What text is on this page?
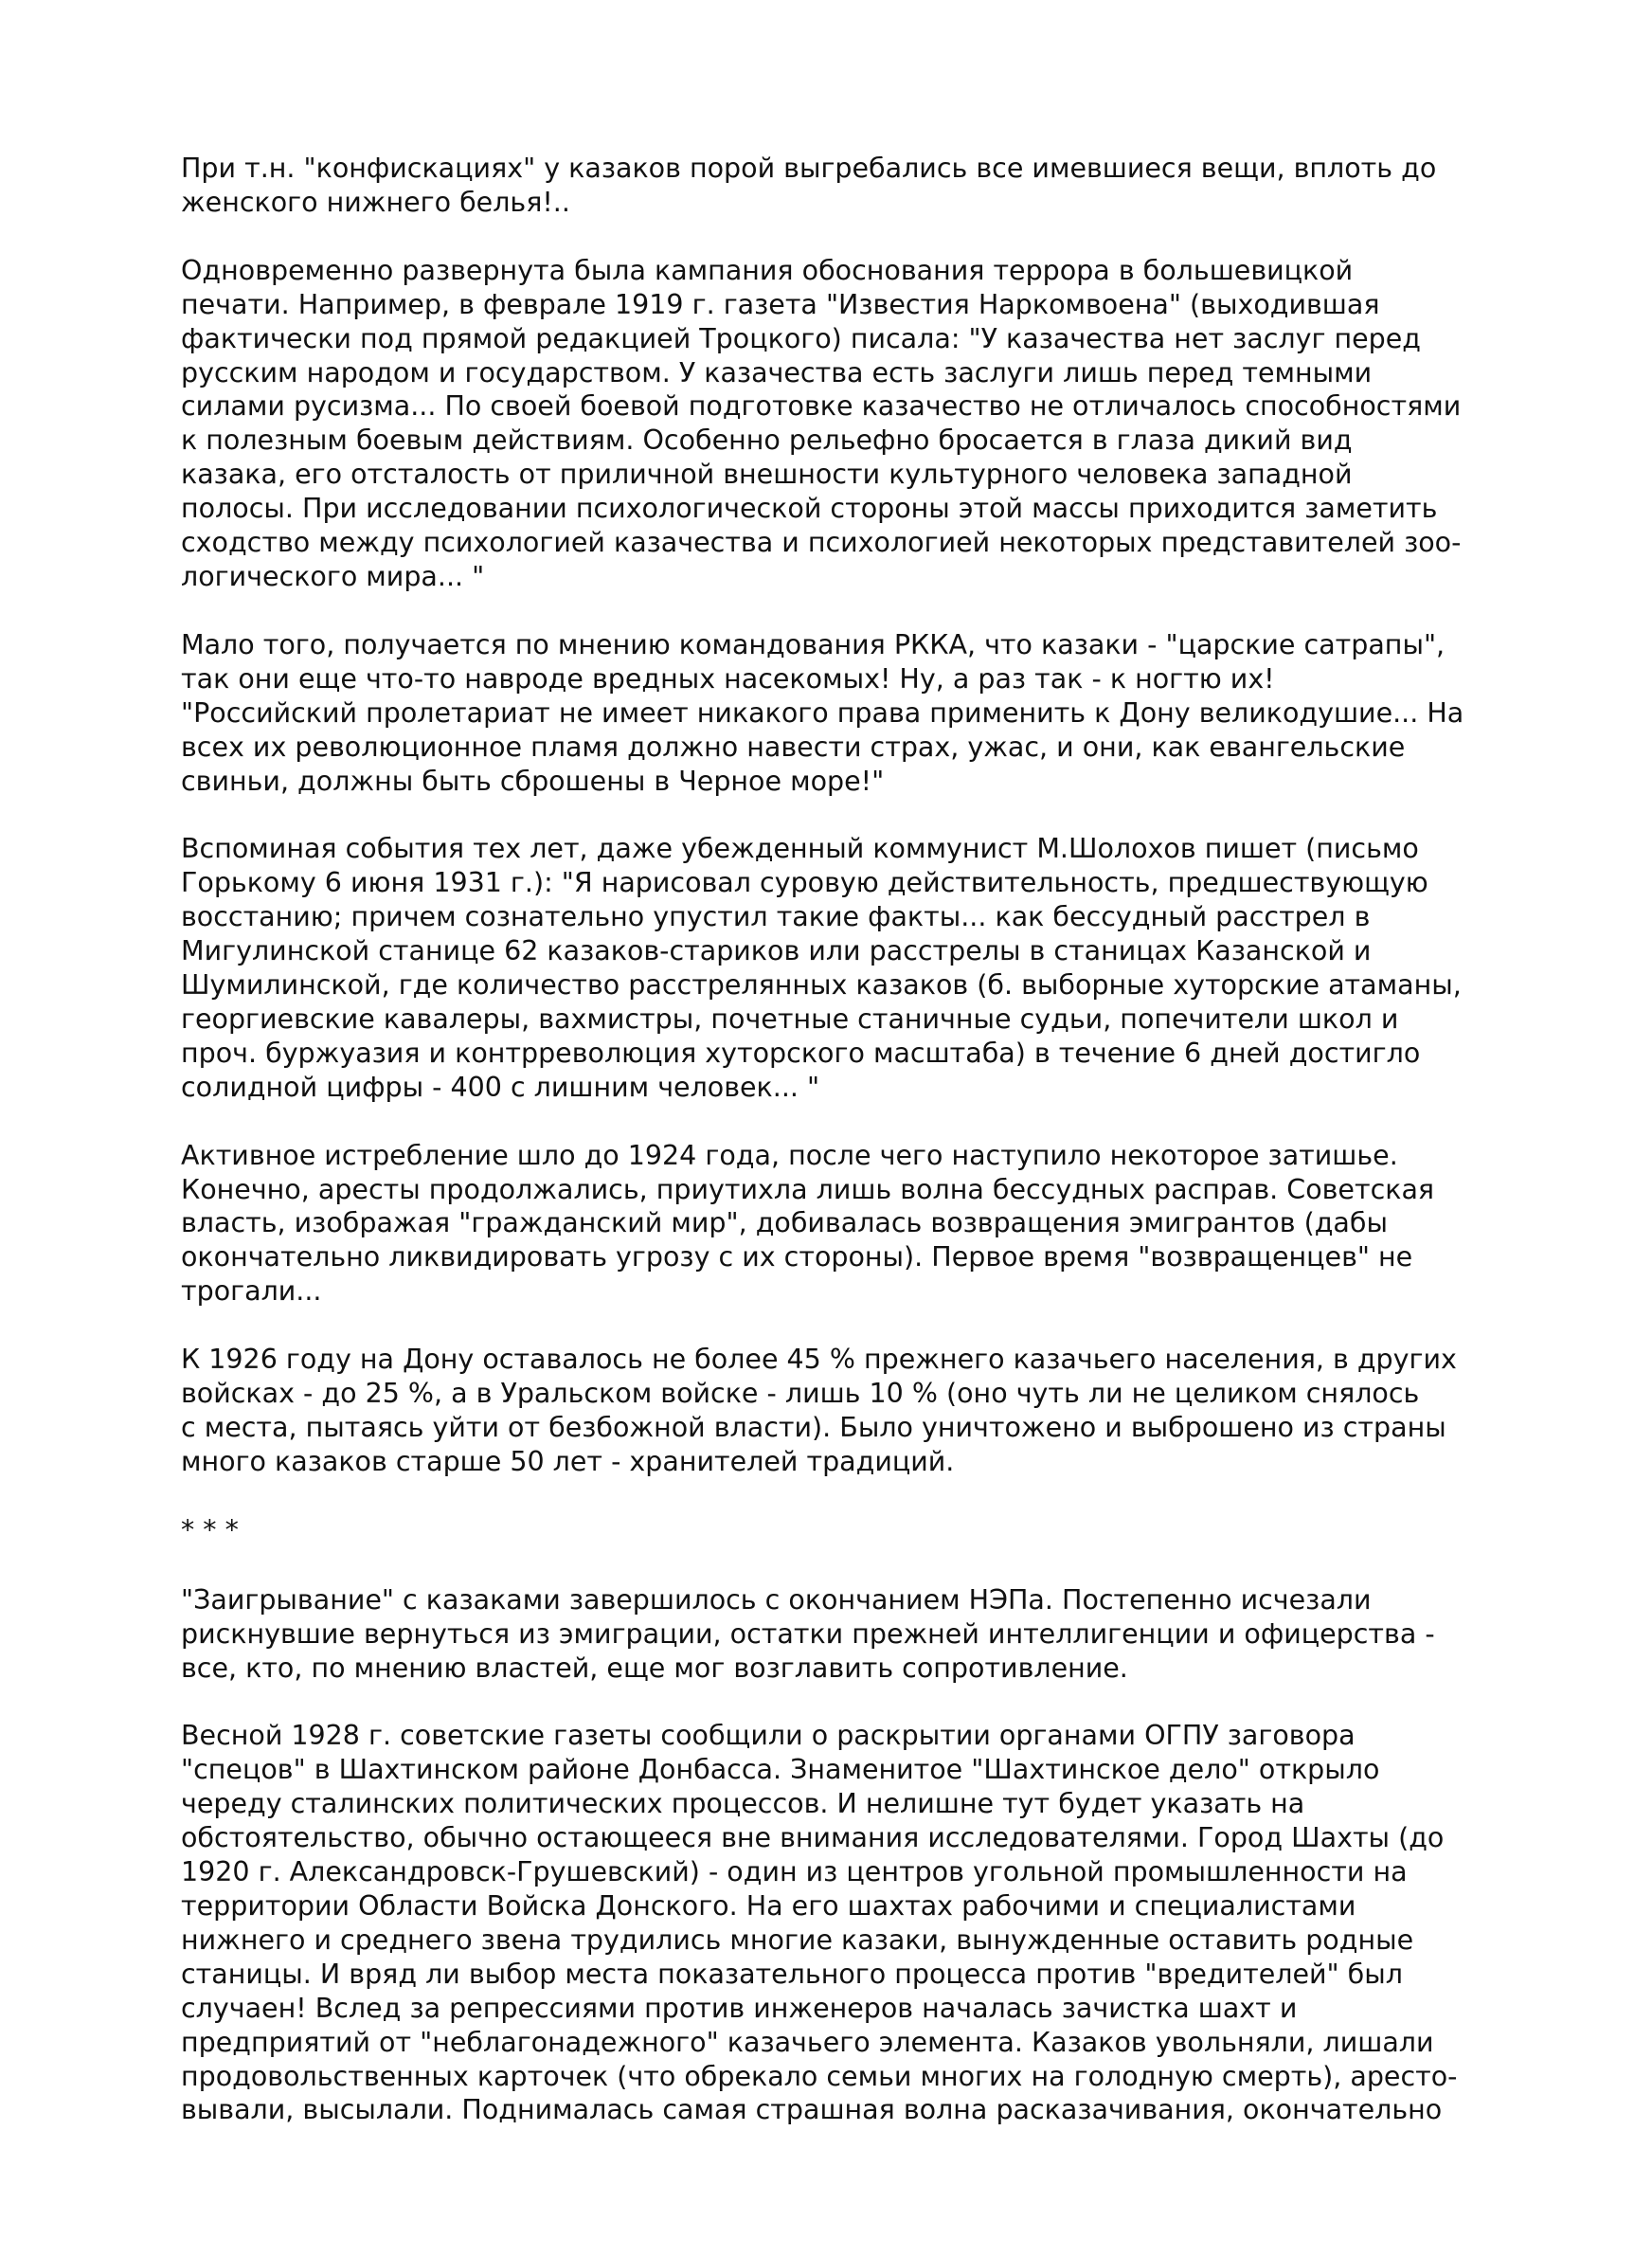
При т.н. "конфискациях" у казаков порой выгребались все имевшиеся вещи, вплоть до
женского нижнего белья!..

Одновременно развернута была кампания обоснования террора в большевицкой
печати. Например, в феврале 1919 г. газета "Известия Наркомвоена" (выходившая
фактически под прямой редакцией Троцкого) писала: "У казачества нет заслуг перед
русским народом и государством. У казачества есть заслуги лишь перед темными
силами русизма... По своей боевой подготовке казачество не отличалось способностями
к полезным боевым действиям. Особенно рельефно бросается в глаза дикий вид
казака, его отсталость от приличной внешности культурного человека западной
полосы. При исследовании психологической стороны этой массы приходится заметить
сходство между психологией казачества и психологией некоторых представителей зоо-
логического мира... "

Мало того, получается по мнению командования РККА, что казаки - "царские сатрапы",
так они еще что-то навроде вредных насекомых! Ну, а раз так - к ногтю их!
"Российский пролетариат не имеет никакого права применить к Дону великодушие... На
всех их революционное пламя должно навести страх, ужас, и они, как евангельские
свиньи, должны быть сброшены в Черное море!"

Вспоминая события тех лет, даже убежденный коммунист М.Шолохов пишет (письмо
Горькому 6 июня 1931 г.): "Я нарисовал суровую действительность, предшествующую
восстанию; причем сознательно упустил такие факты... как бессудный расстрел в
Мигулинской станице 62 казаков-стариков или расстрелы в станицах Казанской и
Шумилинской, где количество расстрелянных казаков (б. выборные хуторские атаманы,
георгиевские кавалеры, вахмистры, почетные станичные судьи, попечители школ и
проч. буржуазия и контрреволюция хуторского масштаба) в течение 6 дней достигло
солидной цифры - 400 с лишним человек... "

Активное истребление шло до 1924 года, после чего наступило некоторое затишье.
Конечно, аресты продолжались, приутихла лишь волна бессудных расправ. Советская
власть, изображая "гражданский мир", добивалась возвращения эмигрантов (дабы
окончательно ликвидировать угрозу с их стороны). Первое время "возвращенцев" не
трогали...

К 1926 году на Дону оставалось не более 45 % прежнего казачьего населения, в других
войсках - до 25 %, а в Уральском войске - лишь 10 % (оно чуть ли не целиком снялось
с места, пытаясь уйти от безбожной власти). Было уничтожено и выброшено из страны
много казаков старше 50 лет - хранителей традиций.

* * *

"Заигрывание" с казаками завершилось с окончанием НЭПа. Постепенно исчезали
рискнувшие вернуться из эмиграции, остатки прежней интеллигенции и офицерства -
все, кто, по мнению властей, еще мог возглавить сопротивление.

Весной 1928 г. советские газеты сообщили о раскрытии органами ОГПУ заговора
"спецов" в Шахтинском районе Донбасса. Знаменитое "Шахтинское дело" открыло
череду сталинских политических процессов. И нелишне тут будет указать на
обстоятельство, обычно остающееся вне внимания исследователями. Город Шахты (до
1920 г. Александровск-Грушевский) - один из центров угольной промышленности на
территории Области Войска Донского. На его шахтах рабочими и специалистами
нижнего и среднего звена трудились многие казаки, вынужденные оставить родные
станицы. И вряд ли выбор места показательного процесса против "вредителей" был
случаен! Вслед за репрессиями против инженеров началась зачистка шахт и
предприятий от "неблагонадежного" казачьего элемента. Казаков увольняли, лишали
продовольственных карточек (что обрекало семьи многих на голодную смерть), аресто-
вывали, высылали. Поднималась самая страшная волна расказачивания, окончательно
